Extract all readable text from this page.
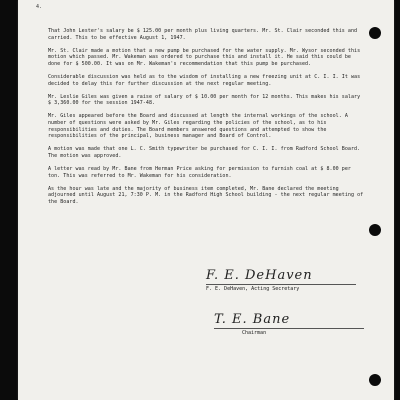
4.

That John Lester's salary be $ 125.00 per month plus living quarters. Mr. St. Clair seconded this and carried. This to be effective August 1, 1947.

Mr. St. Clair made a motion that a new pump be purchased for the water supply. Mr. Wysor seconded this motion which passed. Mr. Wakeman was ordered to purchase this and install it. He said this could be done for $ 500.00. It was on Mr. Wakeman's recommendation that this pump be purchased.

Considerable discussion was held as to the wisdom of installing a new freezing unit at C. I. I. It was decided to delay this for further discussion at the next regular meeting.

Mr. Leslie Giles was given a raise of salary of $ 10.00 per month for 12 months. This makes his salary $ 3,360.00 for the session 1947-48.

Mr. Giles appeared before the Board and discussed at length the internal workings of the school. A number of questions were asked by Mr. Giles regarding the policies of the school, as to his responsibilities and duties. The Board members answered questions and attempted to show the responsibilities of the principal, business manager and Board of Control.

A motion was made that one L. C. Smith typewriter be purchased for C. I. I. from Radford School Board. The motion was approved.

A letter was read by Mr. Bane from Herman Price asking for permission to furnish coal at $ 8.00 per ton. This was referred to Mr. Wakeman for his consideration.

As the hour was late and the majority of business item completed, Mr. Bane declared the meeting adjourned until August 21, 7:30 P. M. in the Radford High School building - the next regular meeting of the Board.

F. E. DeHaven
F. E. DeHaven, Acting Secretary
T. E. Bane
Chairman
